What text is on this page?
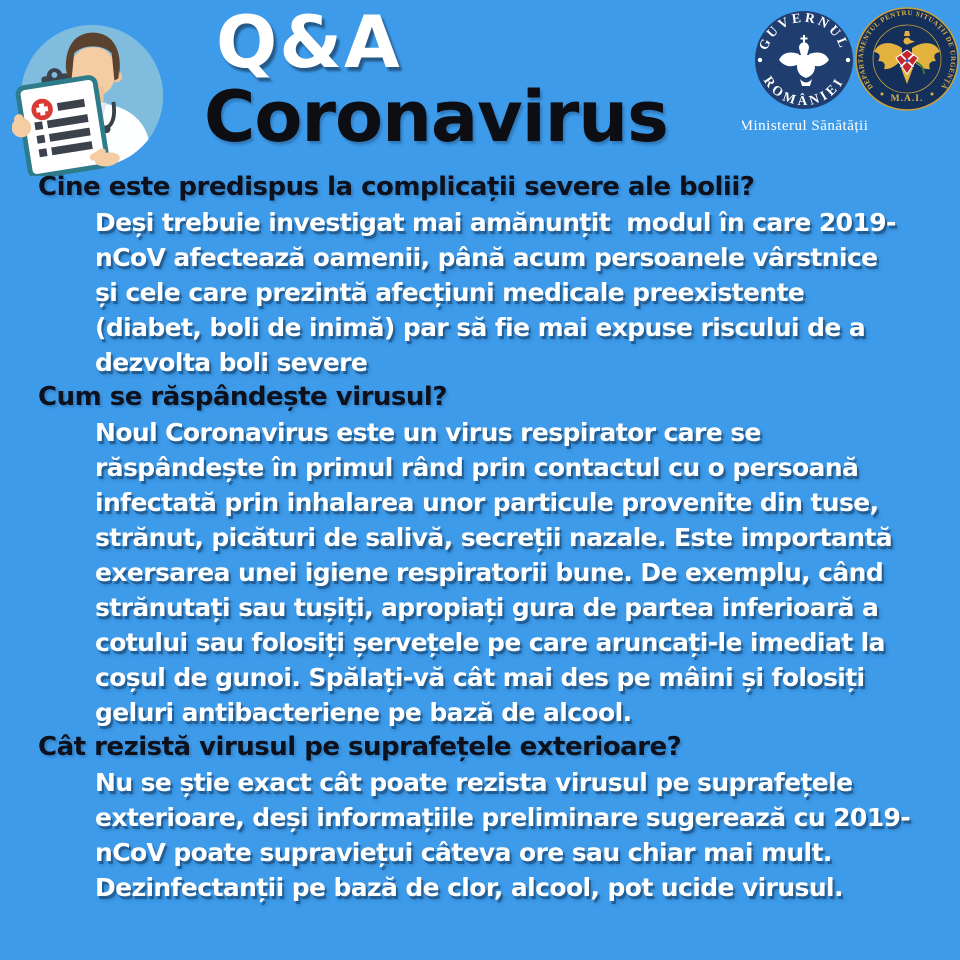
Q&A
Coronavirus
GUVERNUL
ROMÂNIEI
Ministerul Sănătății
DEPARTAMENTUL PENTRU SITUAȚII DE URGENȚĂ
M.A.I.
Cine este predispus la complicații severe ale bolii?
Deși trebuie investigat mai amănunțit  modul în care 2019-
nCoV afectează oamenii, până acum persoanele vârstnice
și cele care prezintă afecțiuni medicale preexistente
(diabet, boli de inimă) par să fie mai expuse riscului de a
dezvolta boli severe
Cum se răspândește virusul?
Noul Coronavirus este un virus respirator care se
răspândește în primul rând prin contactul cu o persoană
infectată prin inhalarea unor particule provenite din tuse,
strănut, picături de salivă, secreții nazale. Este importantă
exersarea unei igiene respiratorii bune. De exemplu, când
strănutați sau tușiți, apropiați gura de partea inferioară a
cotului sau folosiți șervețele pe care aruncați-le imediat la
coșul de gunoi. Spălați-vă cât mai des pe mâini și folosiți
geluri antibacteriene pe bază de alcool.
Cât rezistă virusul pe suprafețele exterioare?
Nu se știe exact cât poate rezista virusul pe suprafețele
exterioare, deși informațiile preliminare sugerează cu 2019-
nCoV poate supraviețui câteva ore sau chiar mai mult.
Dezinfectanții pe bază de clor, alcool, pot ucide virusul.
